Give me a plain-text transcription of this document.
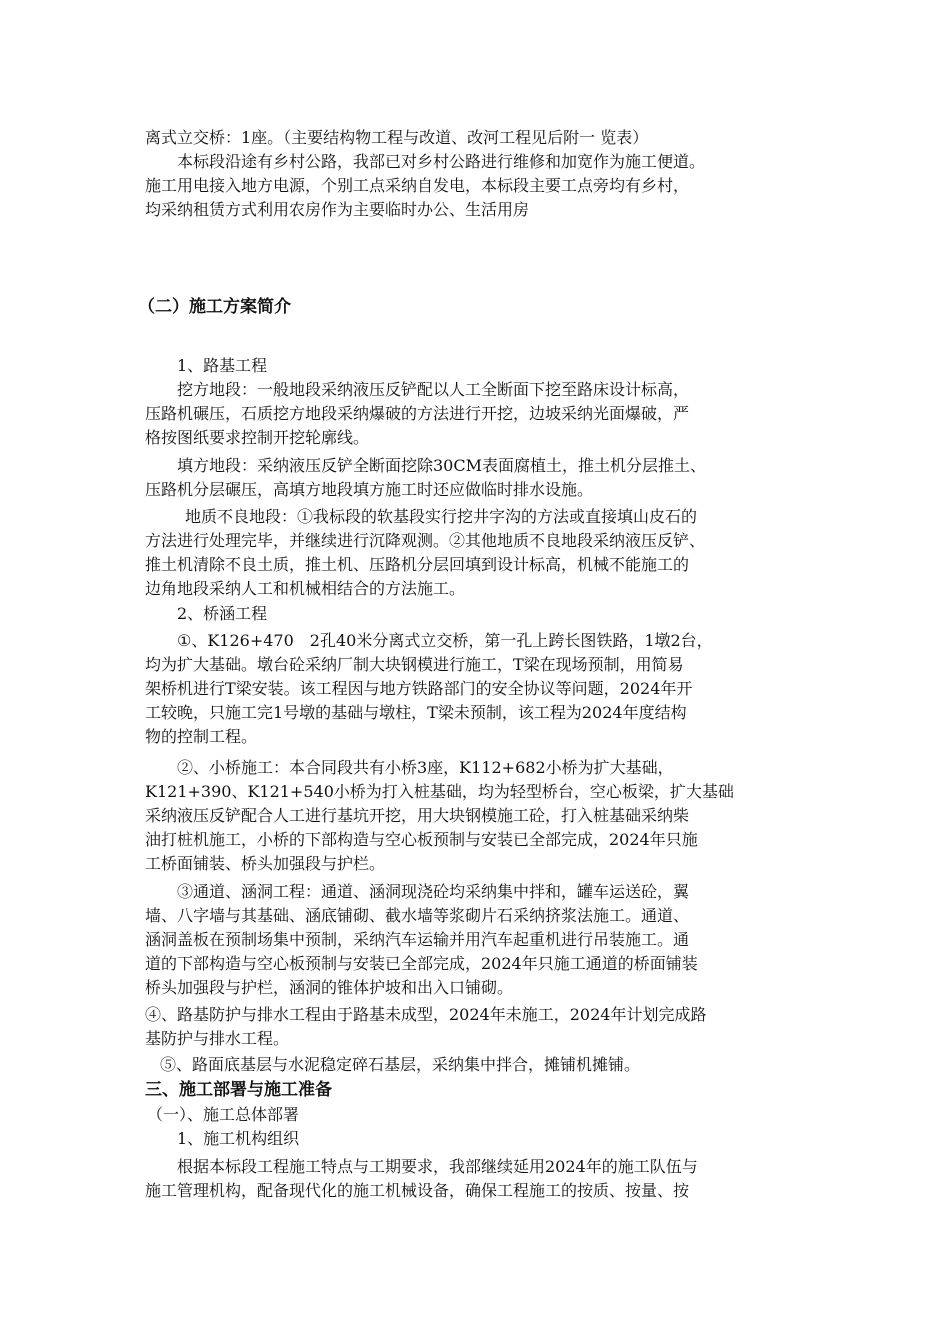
离式立交桥：1座。（主要结构物工程与改道、改河工程见后附一 览表）

本标段沿途有乡村公路，我部已对乡村公路进行维修和加宽作为施工便道。

施工用电接入地方电源，个别工点采纳自发电，本标段主要工点旁均有乡村，

均采纳租赁方式利用农房作为主要临时办公、生活用房

（二）施工方案简介

1、路基工程

挖方地段：一般地段采纳液压反铲配以人工全断面下挖至路床设计标高，

压路机碾压，石质挖方地段采纳爆破的方法进行开挖，边坡采纳光面爆破，严

格按图纸要求控制开挖轮廓线。

填方地段：采纳液压反铲全断面挖除30CM表面腐植土，推土机分层推土、

压路机分层碾压，高填方地段填方施工时还应做临时排水设施。

地质不良地段：①我标段的软基段实行挖井字沟的方法或直接填山皮石的

方法进行处理完毕，并继续进行沉降观测。②其他地质不良地段采纳液压反铲、

推土机清除不良土质，推土机、压路机分层回填到设计标高，机械不能施工的

边角地段采纳人工和机械相结合的方法施工。

2、桥涵工程

①、K126+470　2孔40米分离式立交桥，第一孔上跨长图铁路，1墩2台，

均为扩大基础。墩台砼采纳厂制大块钢模进行施工，T梁在现场预制，用简易

架桥机进行T梁安装。该工程因与地方铁路部门的安全协议等问题，2024年开

工较晚，只施工完1号墩的基础与墩柱，T梁未预制，该工程为2024年度结构

物的控制工程。

②、小桥施工：本合同段共有小桥3座，K112+682小桥为扩大基础，

K121+390、K121+540小桥为打入桩基础，均为轻型桥台，空心板梁，扩大基础

采纳液压反铲配合人工进行基坑开挖，用大块钢模施工砼，打入桩基础采纳柴

油打桩机施工，小桥的下部构造与空心板预制与安装已全部完成，2024年只施

工桥面铺装、桥头加强段与护栏。

③通道、涵洞工程：通道、涵洞现浇砼均采纳集中拌和，罐车运送砼，翼

墙、八字墙与其基础、涵底铺砌、截水墙等浆砌片石采纳挤浆法施工。通道、

涵洞盖板在预制场集中预制，采纳汽车运输并用汽车起重机进行吊装施工。通

道的下部构造与空心板预制与安装已全部完成，2024年只施工通道的桥面铺装

桥头加强段与护栏，涵洞的锥体护坡和出入口铺砌。

④、路基防护与排水工程由于路基未成型，2024年未施工，2024年计划完成路

基防护与排水工程。

⑤、路面底基层与水泥稳定碎石基层，采纳集中拌合，摊铺机摊铺。

三、施工部署与施工准备

（一）、施工总体部署

1、施工机构组织

根据本标段工程施工特点与工期要求，我部继续延用2024年的施工队伍与

施工管理机构，配备现代化的施工机械设备，确保工程施工的按质、按量、按
